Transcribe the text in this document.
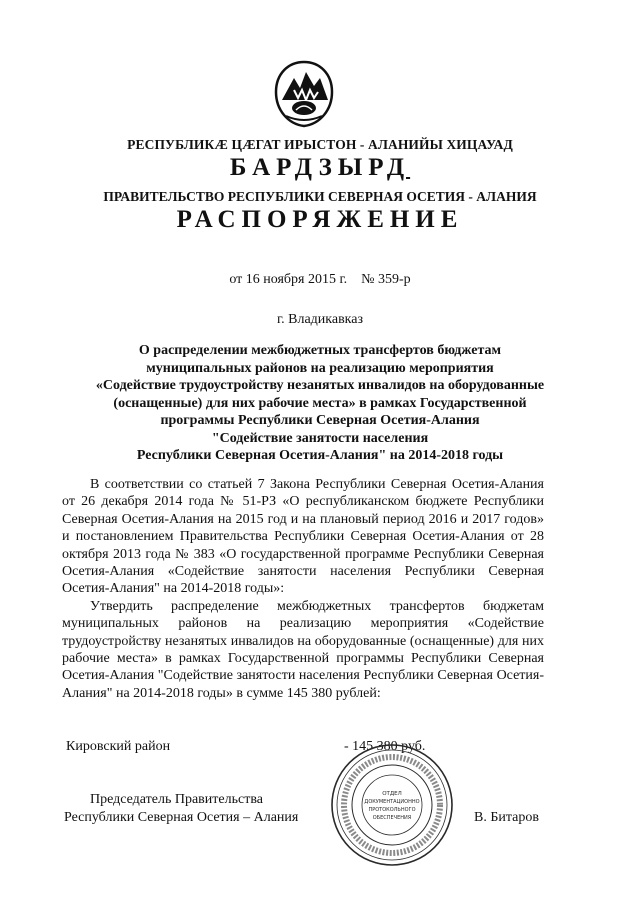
РЕСПУБЛИКӔ ЦӔГАТ ИРЫСТОН - АЛАНИЙЫ ХИЦАУАД
БАРДЗЫРД
ПРАВИТЕЛЬСТВО РЕСПУБЛИКИ СЕВЕРНАЯ ОСЕТИЯ - АЛАНИЯ
РАСПОРЯЖЕНИЕ
от 16 ноября 2015 г.    № 359-р
г. Владикавказ
О распределении межбюджетных трансфертов бюджетам
муниципальных районов на реализацию мероприятия
«Содействие трудоустройству незанятых инвалидов на оборудованные
(оснащенные) для них рабочие места» в рамках Государственной
программы Республики Северная Осетия-Алания
"Содействие занятости населения
Республики Северная Осетия-Алания" на 2014-2018 годы

В соответствии со статьей 7 Закона Республики Северная Осетия-Алания от 26 декабря 2014 года № 51-РЗ «О республиканском бюджете Республики Северная Осетия-Алания на 2015 год и на плановый период 2016 и 2017 годов» и постановлением Правительства Республики Северная Осетия-Алания от 28 октября 2013 года № 383 «О государственной программе Республики Северная Осетия-Алания «Содействие занятости населения Республики Северная Осетия-Алания" на 2014-2018 годы»:

Утвердить распределение межбюджетных трансфертов бюджетам муниципальных районов на реализацию мероприятия «Содействие трудоустройству незанятых инвалидов на оборудованные (оснащенные) для них рабочие места» в рамках Государственной программы Республики Северная Осетия-Алания "Содействие занятости населения Республики Северная Осетия-Алания" на 2014-2018 годы» в сумме 145 380 рублей:

Кировский район	- 145 380 руб.
ОТДЕЛ
ДОКУМЕНТАЦИОННО
ПРОТОКОЛЬНОГО
ОБЕСПЕЧЕНИЯ
Председатель Правительства
Республики Северная Осетия – Алания	В. Битаров
